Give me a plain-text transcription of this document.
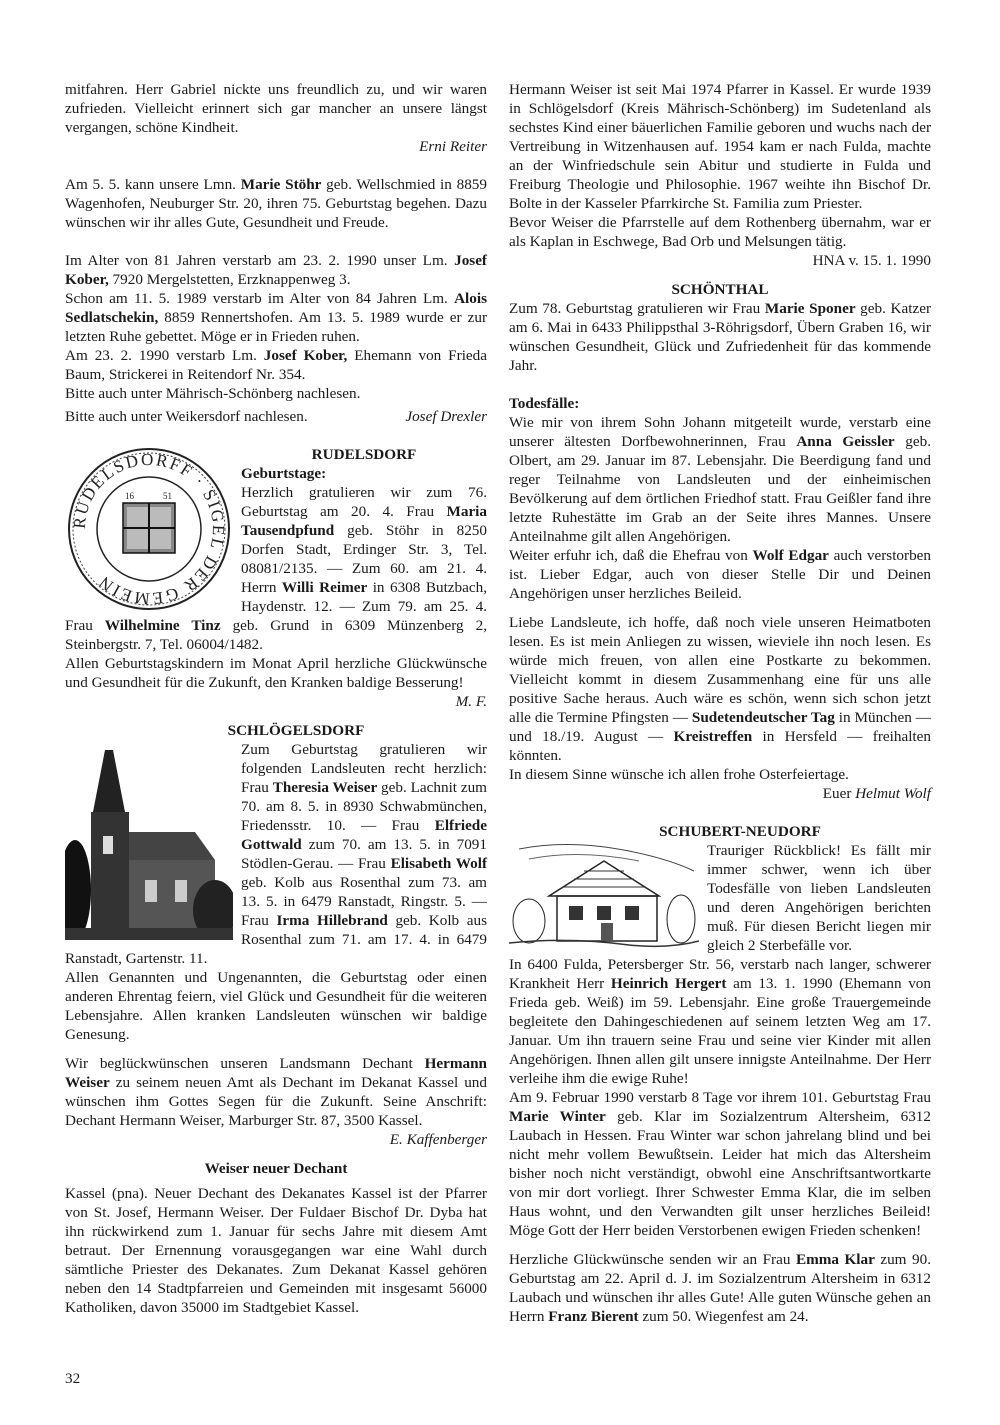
mitfahren. Herr Gabriel nickte uns freundlich zu, und wir waren zufrieden. Vielleicht erinnert sich gar mancher an unsere längst vergangen, schöne Kindheit.

Erni Reiter

Am 5. 5. kann unsere Lmn. Marie Stöhr geb. Wellschmied in 8859 Wagenhofen, Neuburger Str. 20, ihren 75. Geburtstag begehen. Dazu wünschen wir ihr alles Gute, Gesundheit und Freude.

Im Alter von 81 Jahren verstarb am 23. 2. 1990 unser Lm. Josef Kober, 7920 Mergelstetten, Erzknappenweg 3.

Schon am 11. 5. 1989 verstarb im Alter von 84 Jahren Lm. Alois Sedlatschekin, 8859 Rennertshofen. Am 13. 5. 1989 wurde er zur letzten Ruhe gebettet. Möge er in Frieden ruhen.

Am 23. 2. 1990 verstarb Lm. Josef Kober, Ehemann von Frieda Baum, Strickerei in Reitendorf Nr. 354.

Bitte auch unter Mährisch-Schönberg nachlesen.

Bitte auch unter Weikersdorf nachlesen.	Josef Drexler
RUDELSDORFF · SIGEL DER GEMEIN
16	51

RUDELSDORF

Geburtstage:

Herzlich gratulieren wir zum 76. Geburtstag am 20. 4. Frau Maria Tausendpfund geb. Stöhr in 8250 Dorfen Stadt, Erdinger Str. 3, Tel. 08081/2135. — Zum 60. am 21. 4. Herrn Willi Reimer in 6308 Butzbach, Haydenstr. 12. — Zum 79. am 25. 4. Frau Wilhelmine Tinz geb. Grund in 6309 Münzenberg 2, Steinbergstr. 7, Tel. 06004/1482.

Allen Geburtstagskindern im Monat April herzliche Glückwünsche und Gesundheit für die Zukunft, den Kranken baldige Besserung!

M. F.

SCHLÖGELSDORF

Zum Geburtstag gratulieren wir folgenden Landsleuten recht herzlich: Frau Theresia Weiser geb. Lachnit zum 70. am 8. 5. in 8930 Schwabmünchen, Friedensstr. 10. — Frau Elfriede Gottwald zum 70. am 13. 5. in 7091 Stödlen-Gerau. — Frau Elisabeth Wolf geb. Kolb aus Rosenthal zum 73. am 13. 5. in 6479 Ranstadt, Ringstr. 5. — Frau Irma Hillebrand geb. Kolb aus Rosenthal zum 71. am 17. 4. in 6479 Ranstadt, Gartenstr. 11.

Allen Genannten und Ungenannten, die Geburtstag oder einen anderen Ehrentag feiern, viel Glück und Gesundheit für die weiteren Lebensjahre. Allen kranken Landsleuten wünschen wir baldige Genesung.

Wir beglückwünschen unseren Landsmann Dechant Hermann Weiser zu seinem neuen Amt als Dechant im Dekanat Kassel und wünschen ihm Gottes Segen für die Zukunft. Seine Anschrift: Dechant Hermann Weiser, Marburger Str. 87, 3500 Kassel.

E. Kaffenberger

Weiser neuer Dechant

Kassel (pna). Neuer Dechant des Dekanates Kassel ist der Pfarrer von St. Josef, Hermann Weiser. Der Fuldaer Bischof Dr. Dyba hat ihn rückwirkend zum 1. Januar für sechs Jahre mit diesem Amt betraut. Der Ernennung vorausgegangen war eine Wahl durch sämtliche Priester des Dekanates. Zum Dekanat Kassel gehören neben den 14 Stadtpfarreien und Gemeinden mit insgesamt 56000 Katholiken, davon 35000 im Stadtgebiet Kassel.

Hermann Weiser ist seit Mai 1974 Pfarrer in Kassel. Er wurde 1939 in Schlögelsdorf (Kreis Mährisch-Schönberg) im Sudetenland als sechstes Kind einer bäuerlichen Familie geboren und wuchs nach der Vertreibung in Witzenhausen auf. 1954 kam er nach Fulda, machte an der Winfriedschule sein Abitur und studierte in Fulda und Freiburg Theologie und Philosophie. 1967 weihte ihn Bischof Dr. Bolte in der Kasseler Pfarrkirche St. Familia zum Priester.

Bevor Weiser die Pfarrstelle auf dem Rothenberg übernahm, war er als Kaplan in Eschwege, Bad Orb und Melsungen tätig.

HNA v. 15. 1. 1990

SCHÖNTHAL

Zum 78. Geburtstag gratulieren wir Frau Marie Sponer geb. Katzer am 6. Mai in 6433 Philippsthal 3-Röhrigsdorf, Übern Graben 16, wir wünschen Gesundheit, Glück und Zufriedenheit für das kommende Jahr.

Todesfälle:

Wie mir von ihrem Sohn Johann mitgeteilt wurde, verstarb eine unserer ältesten Dorfbewohnerinnen, Frau Anna Geissler geb. Olbert, am 29. Januar im 87. Lebensjahr. Die Beerdigung fand und reger Teilnahme von Landsleuten und der einheimischen Bevölkerung auf dem örtlichen Friedhof statt. Frau Geißler fand ihre letzte Ruhestätte im Grab an der Seite ihres Mannes. Unsere Anteilnahme gilt allen Angehörigen.

Weiter erfuhr ich, daß die Ehefrau von Wolf Edgar auch verstorben ist. Lieber Edgar, auch von dieser Stelle Dir und Deinen Angehörigen unser herzliches Beileid.

Liebe Landsleute, ich hoffe, daß noch viele unseren Heimatboten lesen. Es ist mein Anliegen zu wissen, wieviele ihn noch lesen. Es würde mich freuen, von allen eine Postkarte zu bekommen. Vielleicht kommt in diesem Zusammenhang eine für uns alle positive Sache heraus. Auch wäre es schön, wenn sich schon jetzt alle die Termine Pfingsten — Sudetendeutscher Tag in München — und 18./19. August — Kreistreffen in Hersfeld — freihalten könnten.

In diesem Sinne wünsche ich allen frohe Osterfeiertage.

Euer Helmut Wolf

SCHUBERT-NEUDORF

Trauriger Rückblick! Es fällt mir immer schwer, wenn ich über Todesfälle von lieben Landsleuten und deren Angehörigen berichten muß. Für diesen Bericht liegen mir gleich 2 Sterbefälle vor.

In 6400 Fulda, Petersberger Str. 56, verstarb nach langer, schwerer Krankheit Herr Heinrich Hergert am 13. 1. 1990 (Ehemann von Frieda geb. Weiß) im 59. Lebensjahr. Eine große Trauergemeinde begleitete den Dahingeschiedenen auf seinem letzten Weg am 17. Januar. Um ihn trauern seine Frau und seine vier Kinder mit allen Angehörigen. Ihnen allen gilt unsere innigste Anteilnahme. Der Herr verleihe ihm die ewige Ruhe!

Am 9. Februar 1990 verstarb 8 Tage vor ihrem 101. Geburtstag Frau Marie Winter geb. Klar im Sozialzentrum Altersheim, 6312 Laubach in Hessen. Frau Winter war schon jahrelang blind und bei nicht mehr vollem Bewußtsein. Leider hat mich das Altersheim bisher noch nicht verständigt, obwohl eine Anschriftsantwortkarte von mir dort vorliegt. Ihrer Schwester Emma Klar, die im selben Haus wohnt, und den Verwandten gilt unser herzliches Beileid! Möge Gott der Herr beiden Verstorbenen ewigen Frieden schenken!

Herzliche Glückwünsche senden wir an Frau Emma Klar zum 90. Geburtstag am 22. April d. J. im Sozialzentrum Altersheim in 6312 Laubach und wünschen ihr alles Gute! Alle guten Wünsche gehen an Herrn Franz Bierent zum 50. Wiegenfest am 24.

32
